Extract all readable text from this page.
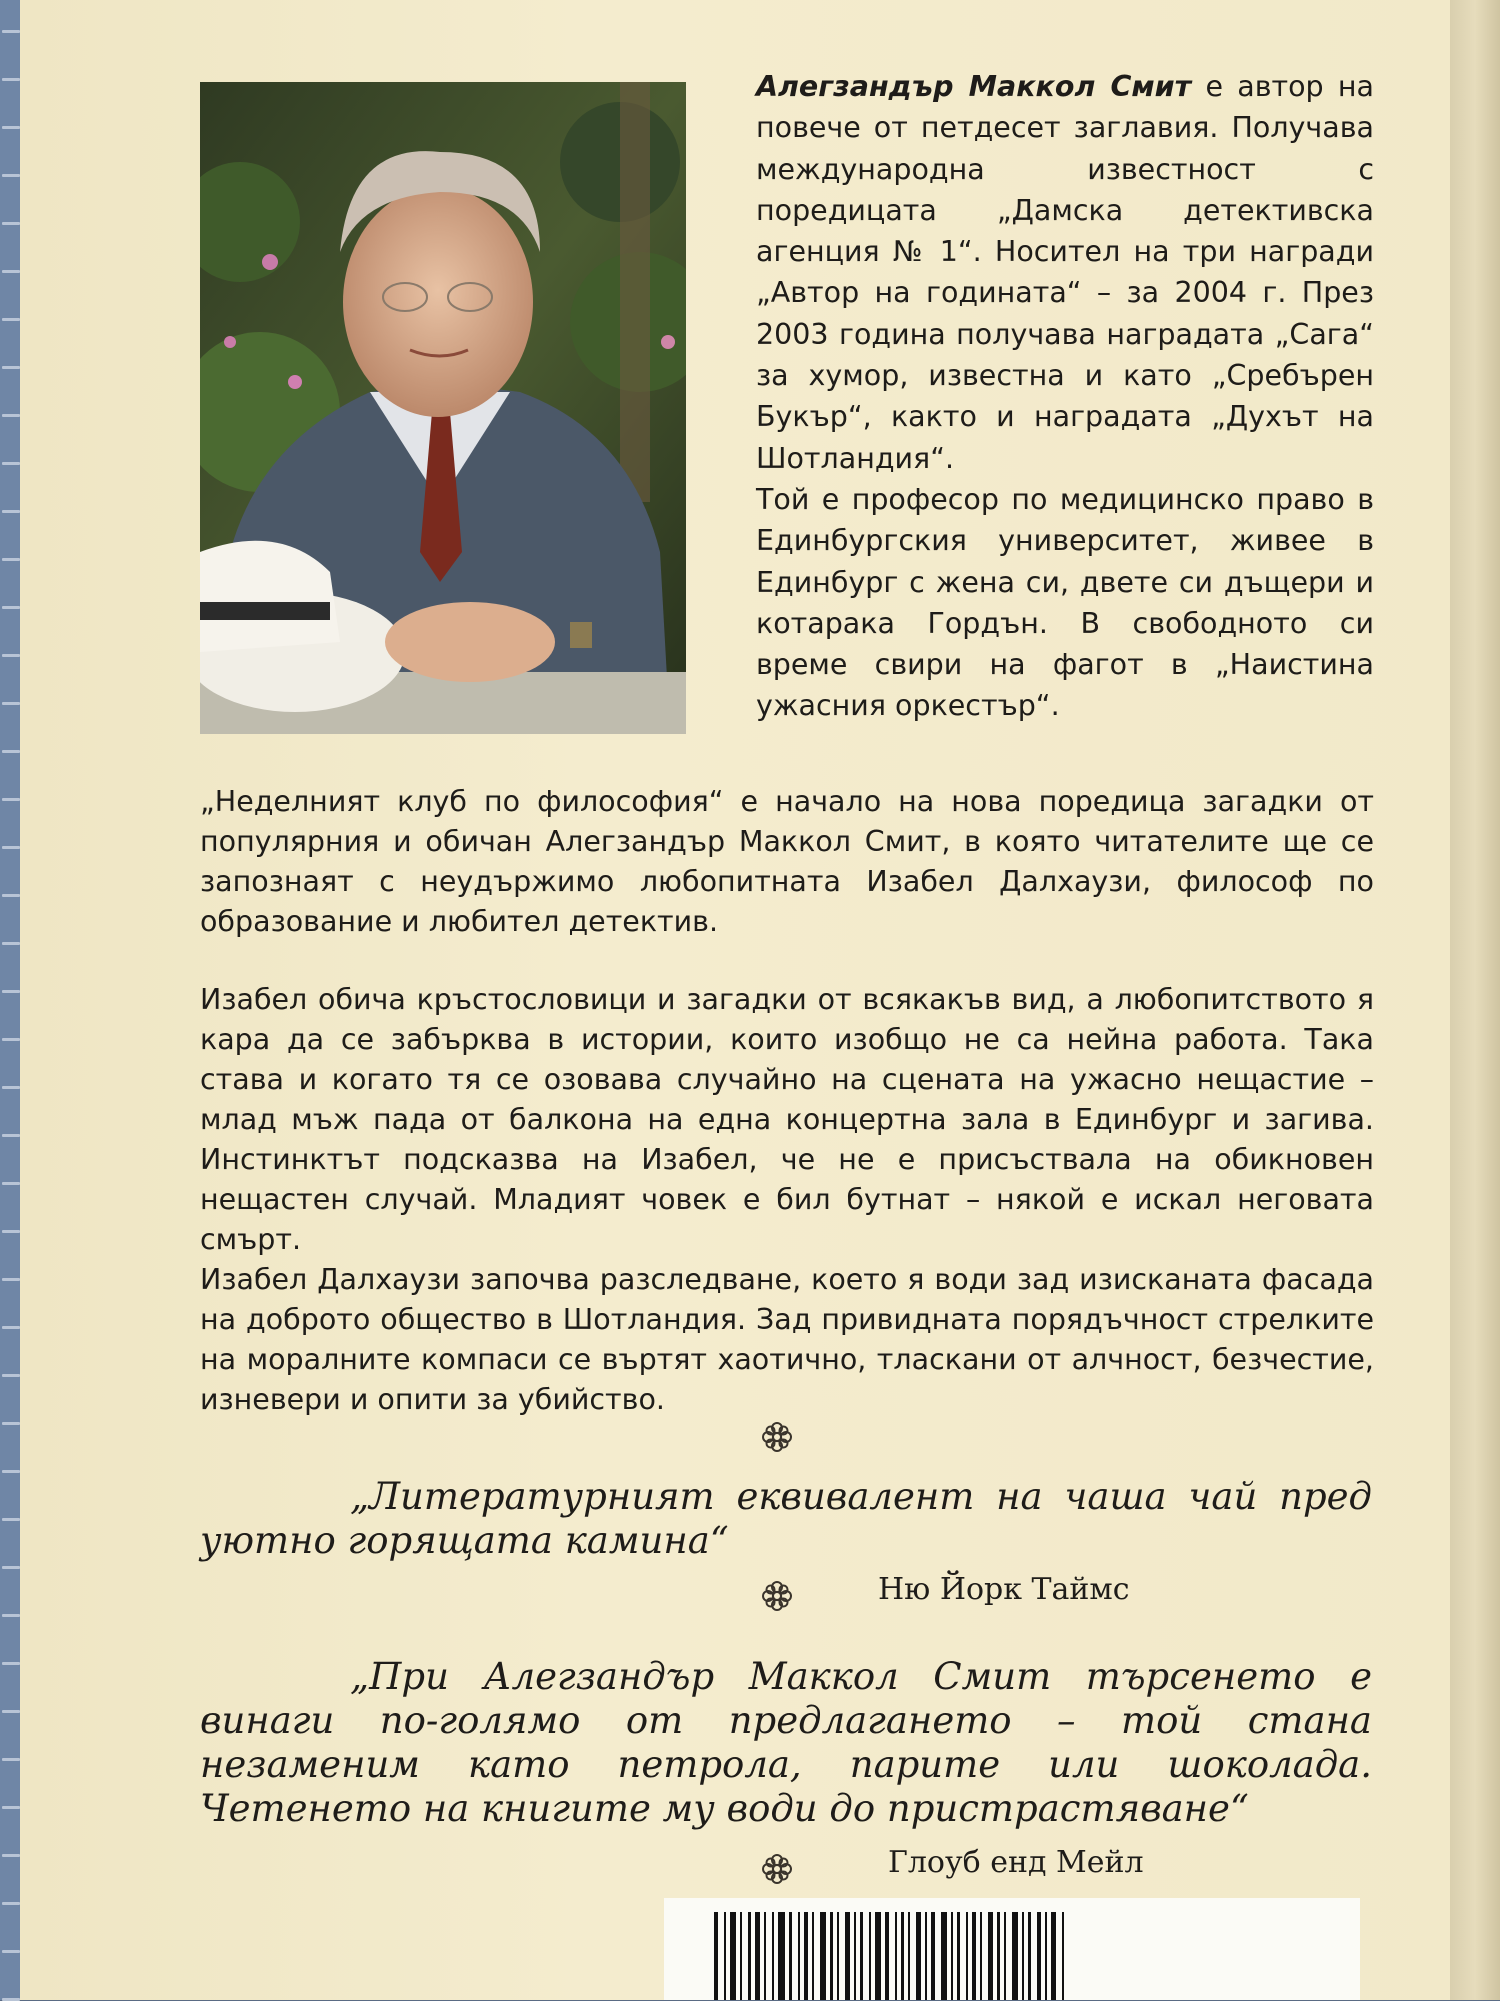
Алегзандър Маккол Смит е автор на повече от петдесет заглавия. Получава международна известност с поредицата „Дамска детективска агенция № 1“. Носител на три награди „Автор на годината“ – за 2004 г. През 2003 година получава наградата „Сага“ за хумор, известна и като „Сребърен Букър“, както и наградата „Духът на Шотландия“.

Той е професор по медицинско право в Единбургския университет, живее в Единбург с жена си, двете си дъщери и котарака Гордън. В свободното си време свири на фагот в „Наистина ужасния оркестър“.

„Неделният клуб по философия“ е начало на нова поредица загадки от популярния и обичан Алегзандър Маккол Смит, в която читателите ще се запознаят с неудържимо любопитната Изабел Далхаузи, философ по образование и любител детектив.

Изабел обича кръстословици и загадки от всякакъв вид, а любопитството я кара да се забърква в истории, които изобщо не са нейна работа. Така става и когато тя се озовава случайно на сцената на ужасно нещастие – млад мъж пада от балкона на една концертна зала в Единбург и загива. Инстинктът подсказва на Изабел, че не е присъствала на обикновен нещастен случай. Младият човек е бил бутнат – някой е искал неговата смърт.

Изабел Далхаузи започва разследване, което я води зад изисканата фасада на доброто общество в Шотландия. Зад привидната порядъчност стрелките на моралните компаси се въртят хаотично, тласкани от алчност, безчестие, изневери и опити за убийство.

„Литературният еквивалент на чаша чай пред уютно горящата камина“

Ню Йорк Таймс

„При Алегзандър Маккол Смит търсенето е винаги по-голямо от предлагането – той стана незаменим като петрола, парите или шоколада. Четенето на книгите му води до пристрастяване“

Глоуб енд Мейл
